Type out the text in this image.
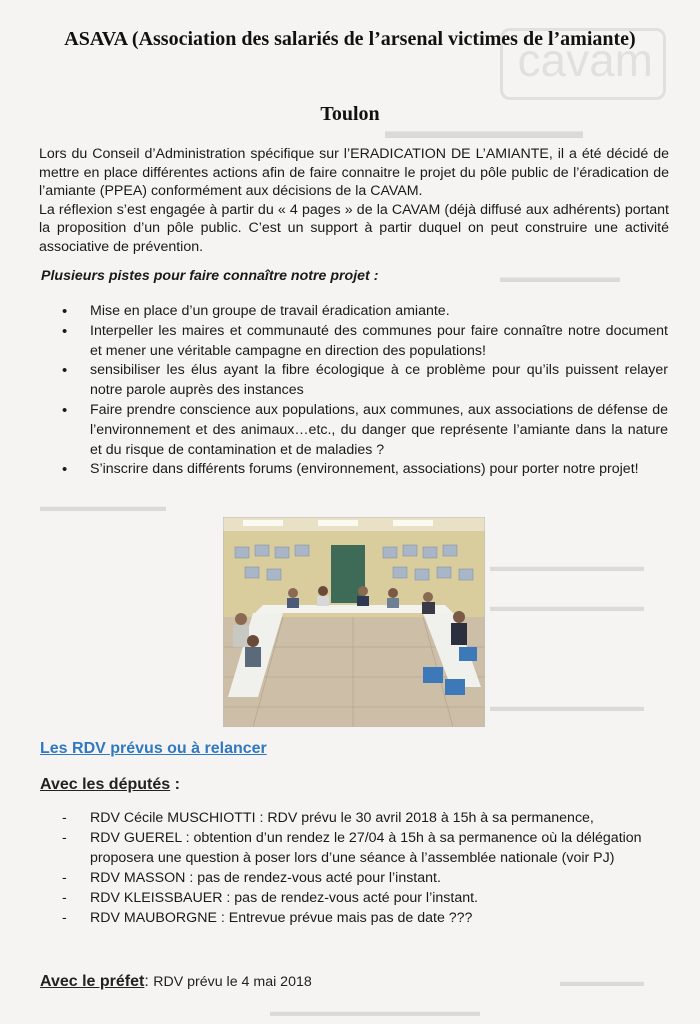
cavam
▬▬▬▬▬▬▬▬▬
▬▬▬▬▬▬▬▬
▬▬▬▬▬▬▬▬▬
▬▬▬▬▬▬▬▬▬▬▬
▬▬▬▬▬▬▬▬▬▬▬
▬▬▬▬▬▬▬▬▬▬▬
▬▬▬▬▬▬
▬▬▬▬▬▬▬▬▬▬▬▬▬▬▬
ASAVA (Association des salariés de l’arsenal victimes de l’amiante)
Toulon

Lors du Conseil d’Administration spécifique sur l’ERADICATION DE L’AMIANTE, il a été décidé de mettre en place différentes actions afin de faire connaitre le projet du pôle public de l’éradication de l’amiante (PPEA) conformément aux décisions de la CAVAM.

La réflexion s’est engagée à partir du « 4 pages » de la CAVAM (déjà diffusé aux adhérents) portant la proposition d’un pôle public. C’est un support à partir duquel on peut construire une activité associative de prévention.

Plusieurs pistes pour faire connaître notre projet :
• Mise en place d’un groupe de travail éradication amiante.
• Interpeller les maires et communauté des communes pour faire connaître notre document et mener une véritable campagne en direction des populations!
• sensibiliser les élus ayant la fibre écologique à ce problème pour qu’ils puissent relayer notre parole auprès des instances
• Faire prendre conscience aux populations, aux communes, aux associations de défense de l’environnement et des animaux…etc., du danger que représente l’amiante dans la nature et du risque de contamination et de maladies ?
• S’inscrire dans différents forums (environnement, associations) pour porter notre projet!
Les RDV prévus ou à relancer
Avec les députés :
- RDV Cécile MUSCHIOTTI : RDV prévu le 30 avril 2018 à 15h à sa permanence,
- RDV GUEREL : obtention d’un rendez le 27/04 à 15h à sa permanence où la délégation proposera une question à poser lors d’une séance à l’assemblée nationale (voir PJ)
- RDV MASSON : pas de rendez-vous acté pour l’instant.
- RDV KLEISSBAUER : pas de rendez-vous acté pour l’instant.
- RDV MAUBORGNE : Entrevue prévue mais pas de date ???
Avec le préfet: RDV prévu le 4 mai 2018
